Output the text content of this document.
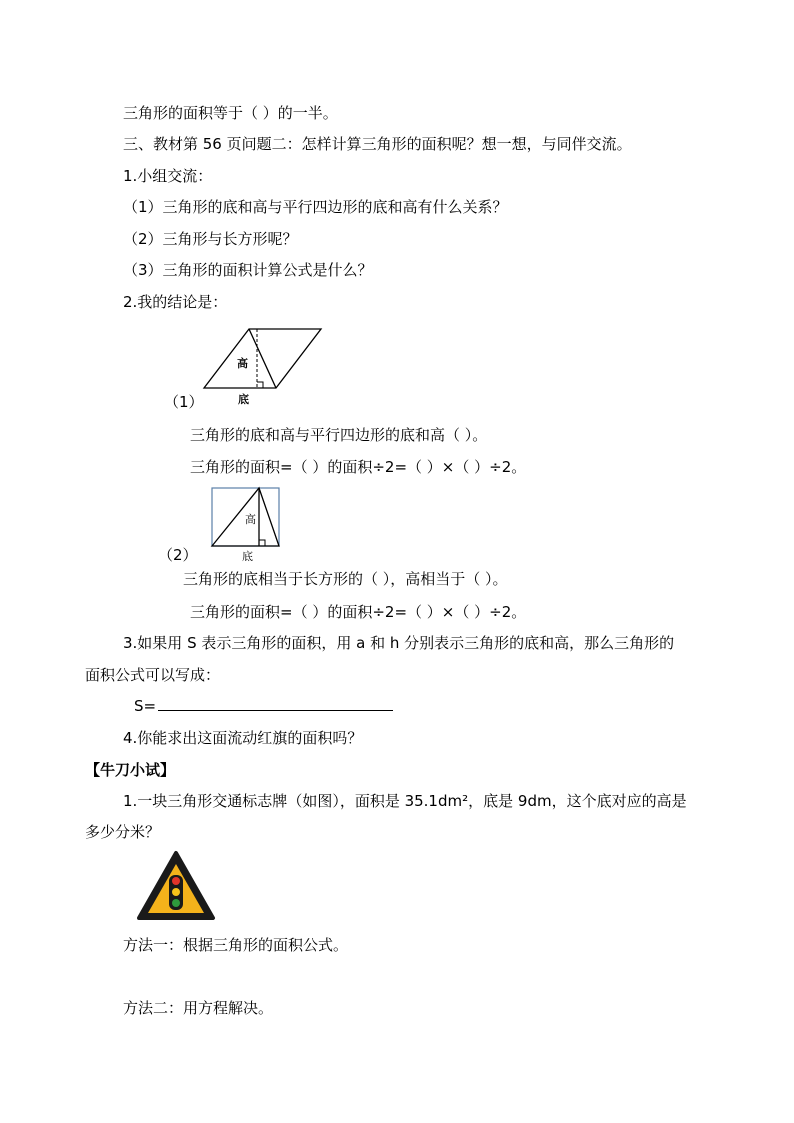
三角形的面积等于（ ）的一半。
三、教材第 56 页问题二：怎样计算三角形的面积呢？想一想，与同伴交流。
1.小组交流：
（1）三角形的底和高与平行四边形的底和高有什么关系？
（2）三角形与长方形呢？
（3）三角形的面积计算公式是什么？
2.我的结论是：
高
底
（1）
三角形的底和高与平行四边形的底和高（ ）。
三角形的面积=（ ）的面积÷2=（ ）×（ ）÷2。
高
底
（2）
三角形的底相当于长方形的（ ），高相当于（ ）。
三角形的面积=（ ）的面积÷2=（ ）×（ ）÷2。
3.如果用 S 表示三角形的面积，用 a 和 h 分别表示三角形的底和高，那么三角形的
面积公式可以写成：
S=
4.你能求出这面流动红旗的面积吗？
【牛刀小试】
1.一块三角形交通标志牌（如图），面积是 35.1dm²，底是 9dm，这个底对应的高是
多少分米？
方法一：根据三角形的面积公式。
方法二：用方程解决。
